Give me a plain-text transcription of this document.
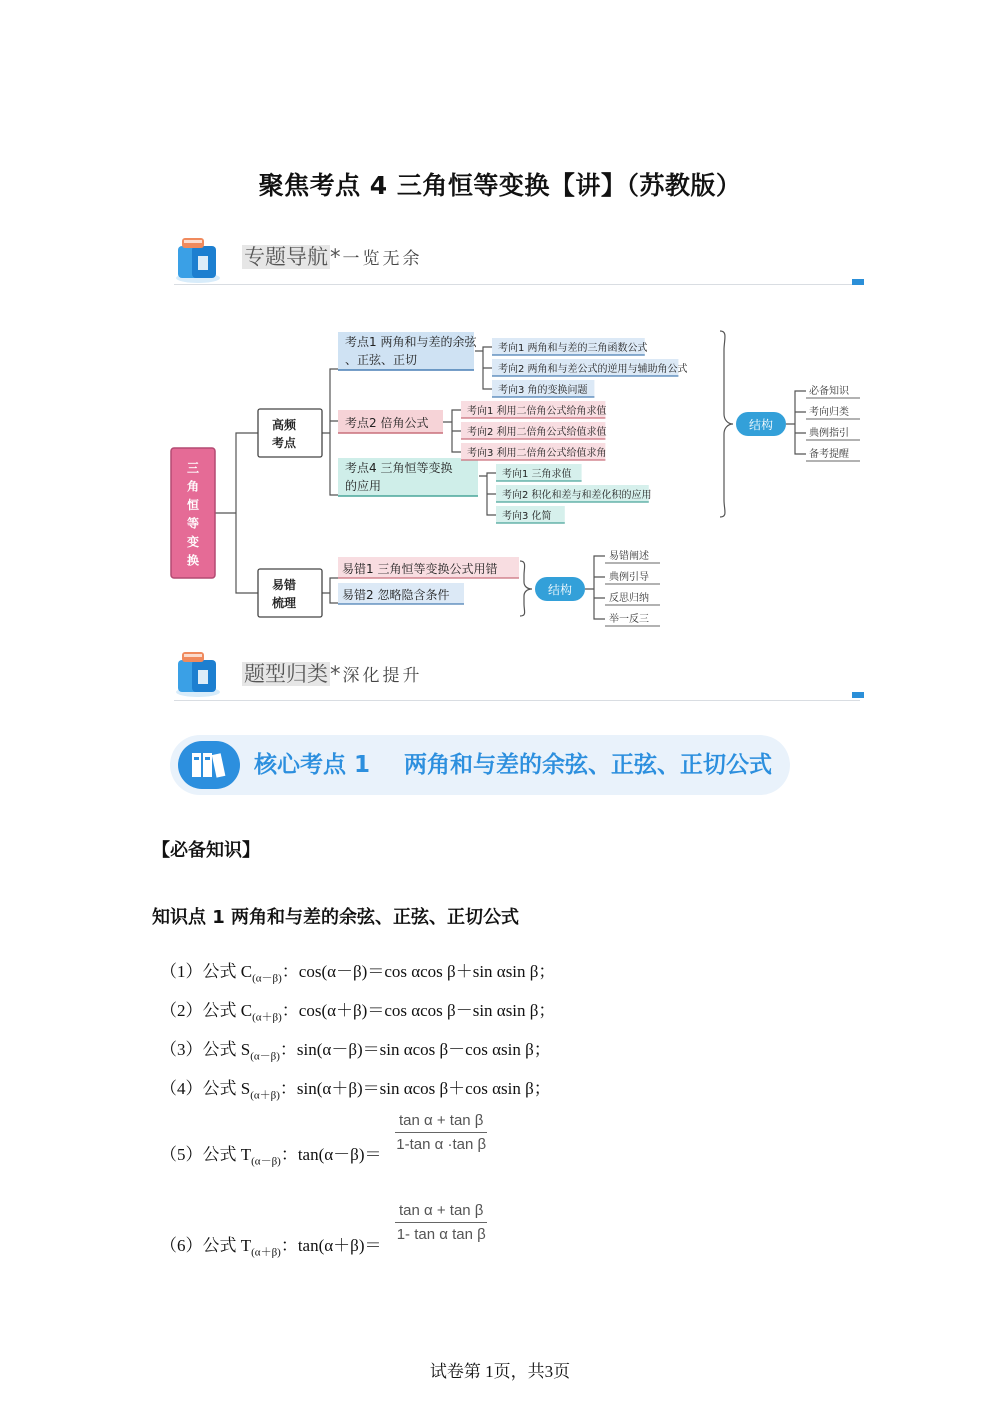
聚焦考点 4 三角恒等变换【讲】（苏教版）
专题导航* 一览无余
三
角
恒
等
变
换
高频
考点
易错
梳理
考点1 两角和与差的余弦
、正弦、正切
考点2 倍角公式
考点4 三角恒等变换
的应用
考向1 两角和与差的三角函数公式
考向2 两角和与差公式的逆用与辅助角公式
考向3 角的变换问题
考向1 利用二倍角公式给角求值
考向2 利用二倍角公式给值求值
考向3 利用二倍角公式给值求角
考向1 三角求值
考向2 积化和差与和差化积的应用
考向3 化简
结构
必备知识
考向归类
典例指引
备考提醒
易错1 三角恒等变换公式用错
易错2 忽略隐含条件	结构
易错阐述
典例引导
反思归纳
举一反三
题型归类* 深化提升
核心考点 1 两角和与差的余弦、正弦、正切公式
【必备知识】
知识点 1 两角和与差的余弦、正弦、正切公式
（1）公式 $C_{(\alpha-\beta)}$：cos(α－β)＝cos αcos β＋sin αsin β；
（2）公式 $C_{(\alpha+\beta)}$：cos(α＋β)＝cos αcos β－sin αsin β；
（3）公式 $S_{(\alpha-\beta)}$：sin(α－β)＝sin αcos β－cos αsin β；
（4）公式 $S_{(\alpha+\beta)}$：sin(α＋β)＝sin αcos β＋cos αsin β；
（5）公式 $T_{(\alpha-\beta)}$：tan(α－β)＝
$\frac{\text{tan α + tan β}}{\text{1-tan α ·tan β}}$
（6）公式 $T_{(\alpha+\beta)}$：tan(α＋β)＝
$\frac{\text{tan α + tan β}}{\text{1- tan α tan β}}$
试卷第 1页，共3页
